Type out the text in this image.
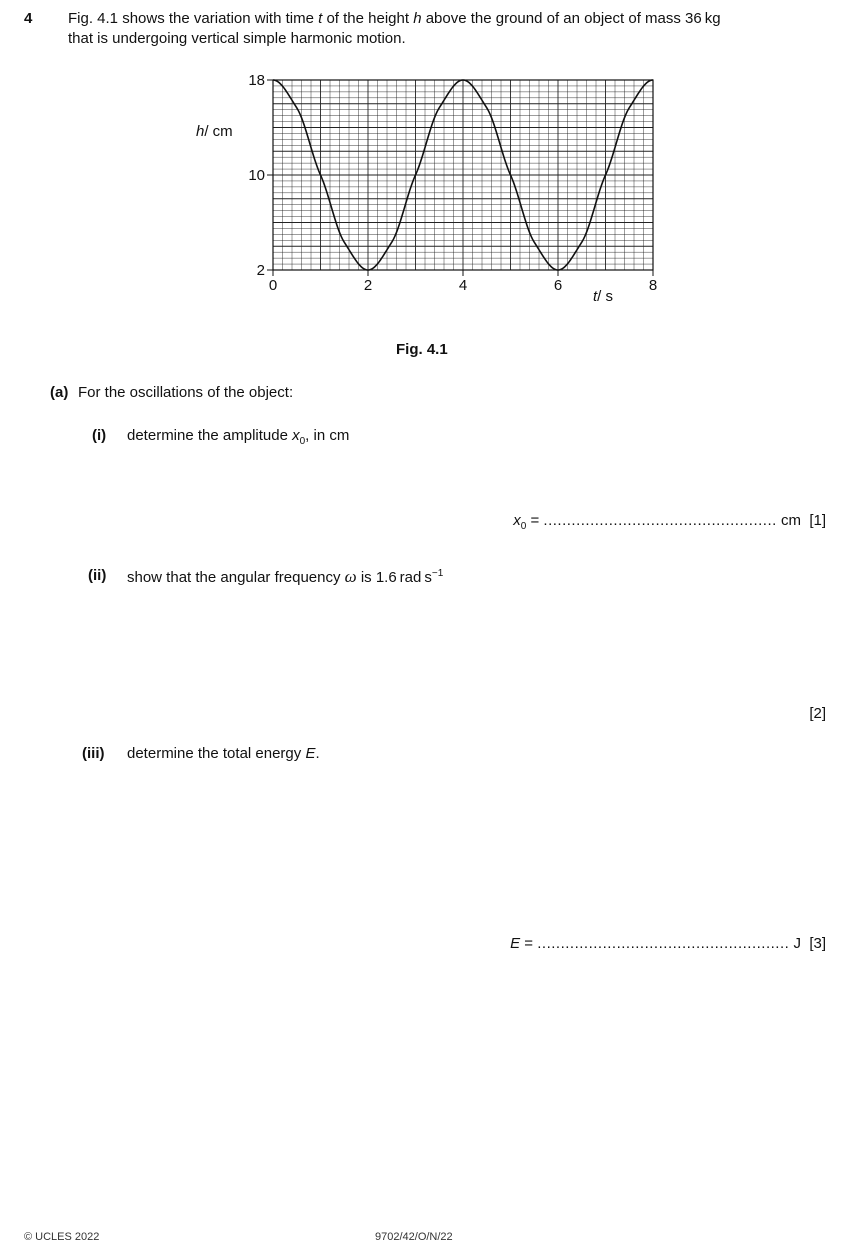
4 Fig. 4.1 shows the variation with time t of the height h above the ground of an object of mass 36 kg
that is undergoing vertical simple harmonic motion.
0	2	4	6	8
2
10
18
h/ cm
t/ s
Fig. 4.1
(a) For the oscillations of the object:
(i) determine the amplitude $x_0$, in cm
$x_0$ = .................................................. cm [1]
(ii) show that the angular frequency ω is 1.6 rad $s^{-1}$
[2]
(iii) determine the total energy E.
E = ...................................................... J [3]
© UCLES 2022	9702/42/O/N/22
